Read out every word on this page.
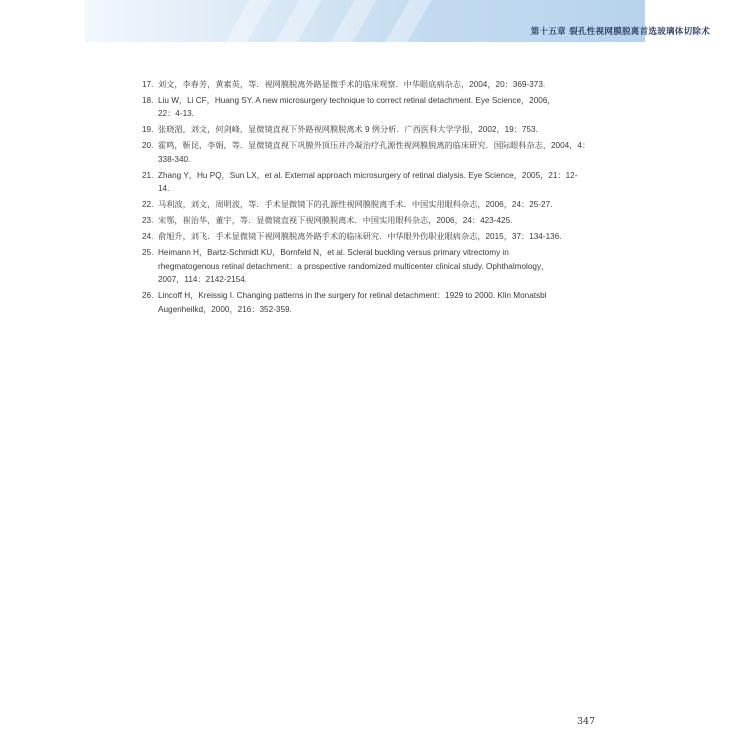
第十五章 裂孔性视网膜脱离首选玻璃体切除术
17. 刘文，李春芳，黄素英，等．视网膜脱离外路显微手术的临床观察．中华眼底病杂志，2004，20：369-373.
18. Liu W，Li CF，Huang SY. A new microsurgery technique to correct retinal detachment. Eye Science，2006，
22：4-13.
19. 张晓湄，刘文，何剑峰，显微镜直视下外路视网膜脱离术 9 例分析．广西医科大学学报，2002，19：753.
20. 霍鸣，靳昆，李娟，等．显微镜直视下巩膜外顶压并冷凝治疗孔源性视网膜脱离的临床研究．国际眼科杂志，2004，4：
338-340.
21. Zhang Y，Hu PQ，Sun LX，et al. External approach microsurgery of retinal dialysis. Eye Science，2005，21：12-
14.
22. 马利波，刘文，周明波，等．手术显微镜下的孔源性视网膜脱离手术．中国实用眼科杂志，2006，24：25-27.
23. 宋鄂，崔治华，董宇，等．显微镜直视下视网膜脱离术．中国实用眼科杂志，2006，24：423-425.
24. 俞旭升，刘飞．手术显微镜下视网膜脱离外路手术的临床研究．中华眼外伤职业眼病杂志，2015，37：134-136.
25. Heimann H，Bartz-Schmidt KU，Bornfeld N，et al. Scleral buckling versus primary vitrectomy in
rhegmatogenous retinal detachment：a prospective randomized multicenter clinical study. Ophthalmology，
2007，114：2142-2154.
26. Lincoff H，Kreissig I. Changing patterns in the surgery for retinal detachment：1929 to 2000. Klin Monatsbl
Augenheilkd，2000，216：352-359.
347
